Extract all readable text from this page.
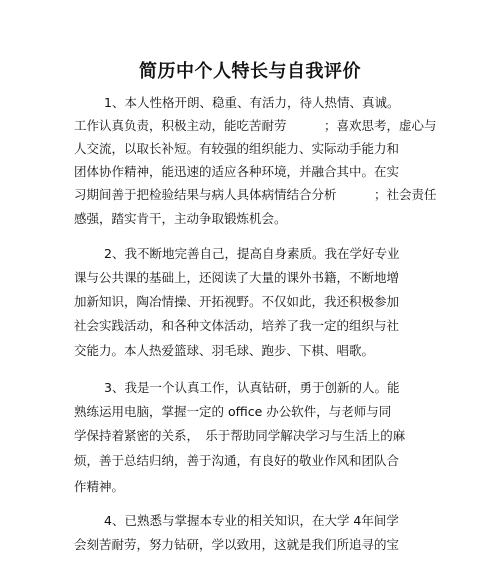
简历中个人特长与自我评价
1、本人性格开朗、稳重、有活力，待人热情、真诚。
工作认真负责，积极主动，能吃苦耐劳　　　；喜欢思考，虚心与
人交流，以取长补短。有较强的组织能力、实际动手能力和
团体协作精神，能迅速的适应各种环境，并融合其中。在实
习期间善于把检验结果与病人具体病情结合分析　　　；社会责任
感强，踏实肯干，主动争取锻炼机会。
2、我不断地完善自己，提高自身素质。我在学好专业
课与公共课的基础上，还阅读了大量的课外书籍，不断地增
加新知识，陶冶情操、开拓视野。不仅如此，我还积极参加
社会实践活动，和各种文体活动，培养了我一定的组织与社
交能力。本人热爱篮球、羽毛球、跑步、下棋、唱歌。
3、我是一个认真工作，认真钻研，勇于创新的人。能
熟练运用电脑，掌握一定的 office 办公软件，与老师与同
学保持着紧密的关系，　乐于帮助同学解决学习与生活上的麻
烦，善于总结归纳，善于沟通，有良好的敬业作风和团队合
作精神。
4、已熟悉与掌握本专业的相关知识，在大学 4年间学
会刻苦耐劳，努力钻研，学以致用，这就是我们所追寻的宝
